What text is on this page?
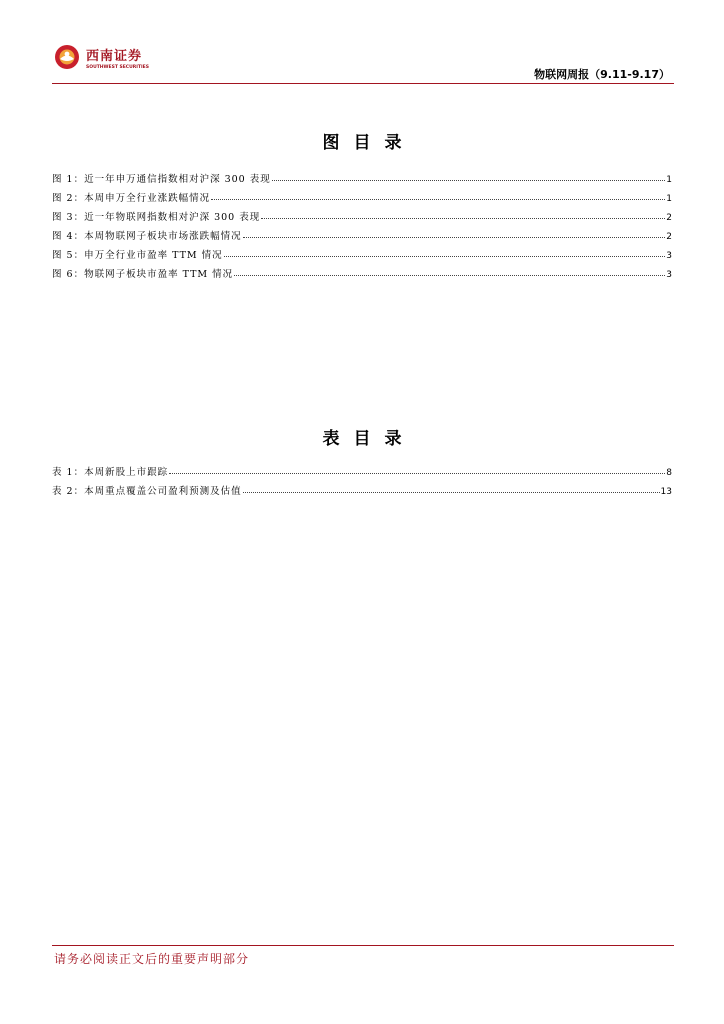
西南证券
SOUTHWEST SECURITIES
物联网周报（9.11-9.17）
图目录
图 1：近一年申万通信指数相对沪深 300 表现	1
图 2：本周申万全行业涨跌幅情况	1
图 3：近一年物联网指数相对沪深 300 表现	2
图 4：本周物联网子板块市场涨跌幅情况	2
图 5：申万全行业市盈率 TTM 情况	3
图 6：物联网子板块市盈率 TTM 情况	3
表目录
表 1：本周新股上市跟踪	8
表 2：本周重点覆盖公司盈利预测及估值	13
请务必阅读正文后的重要声明部分
